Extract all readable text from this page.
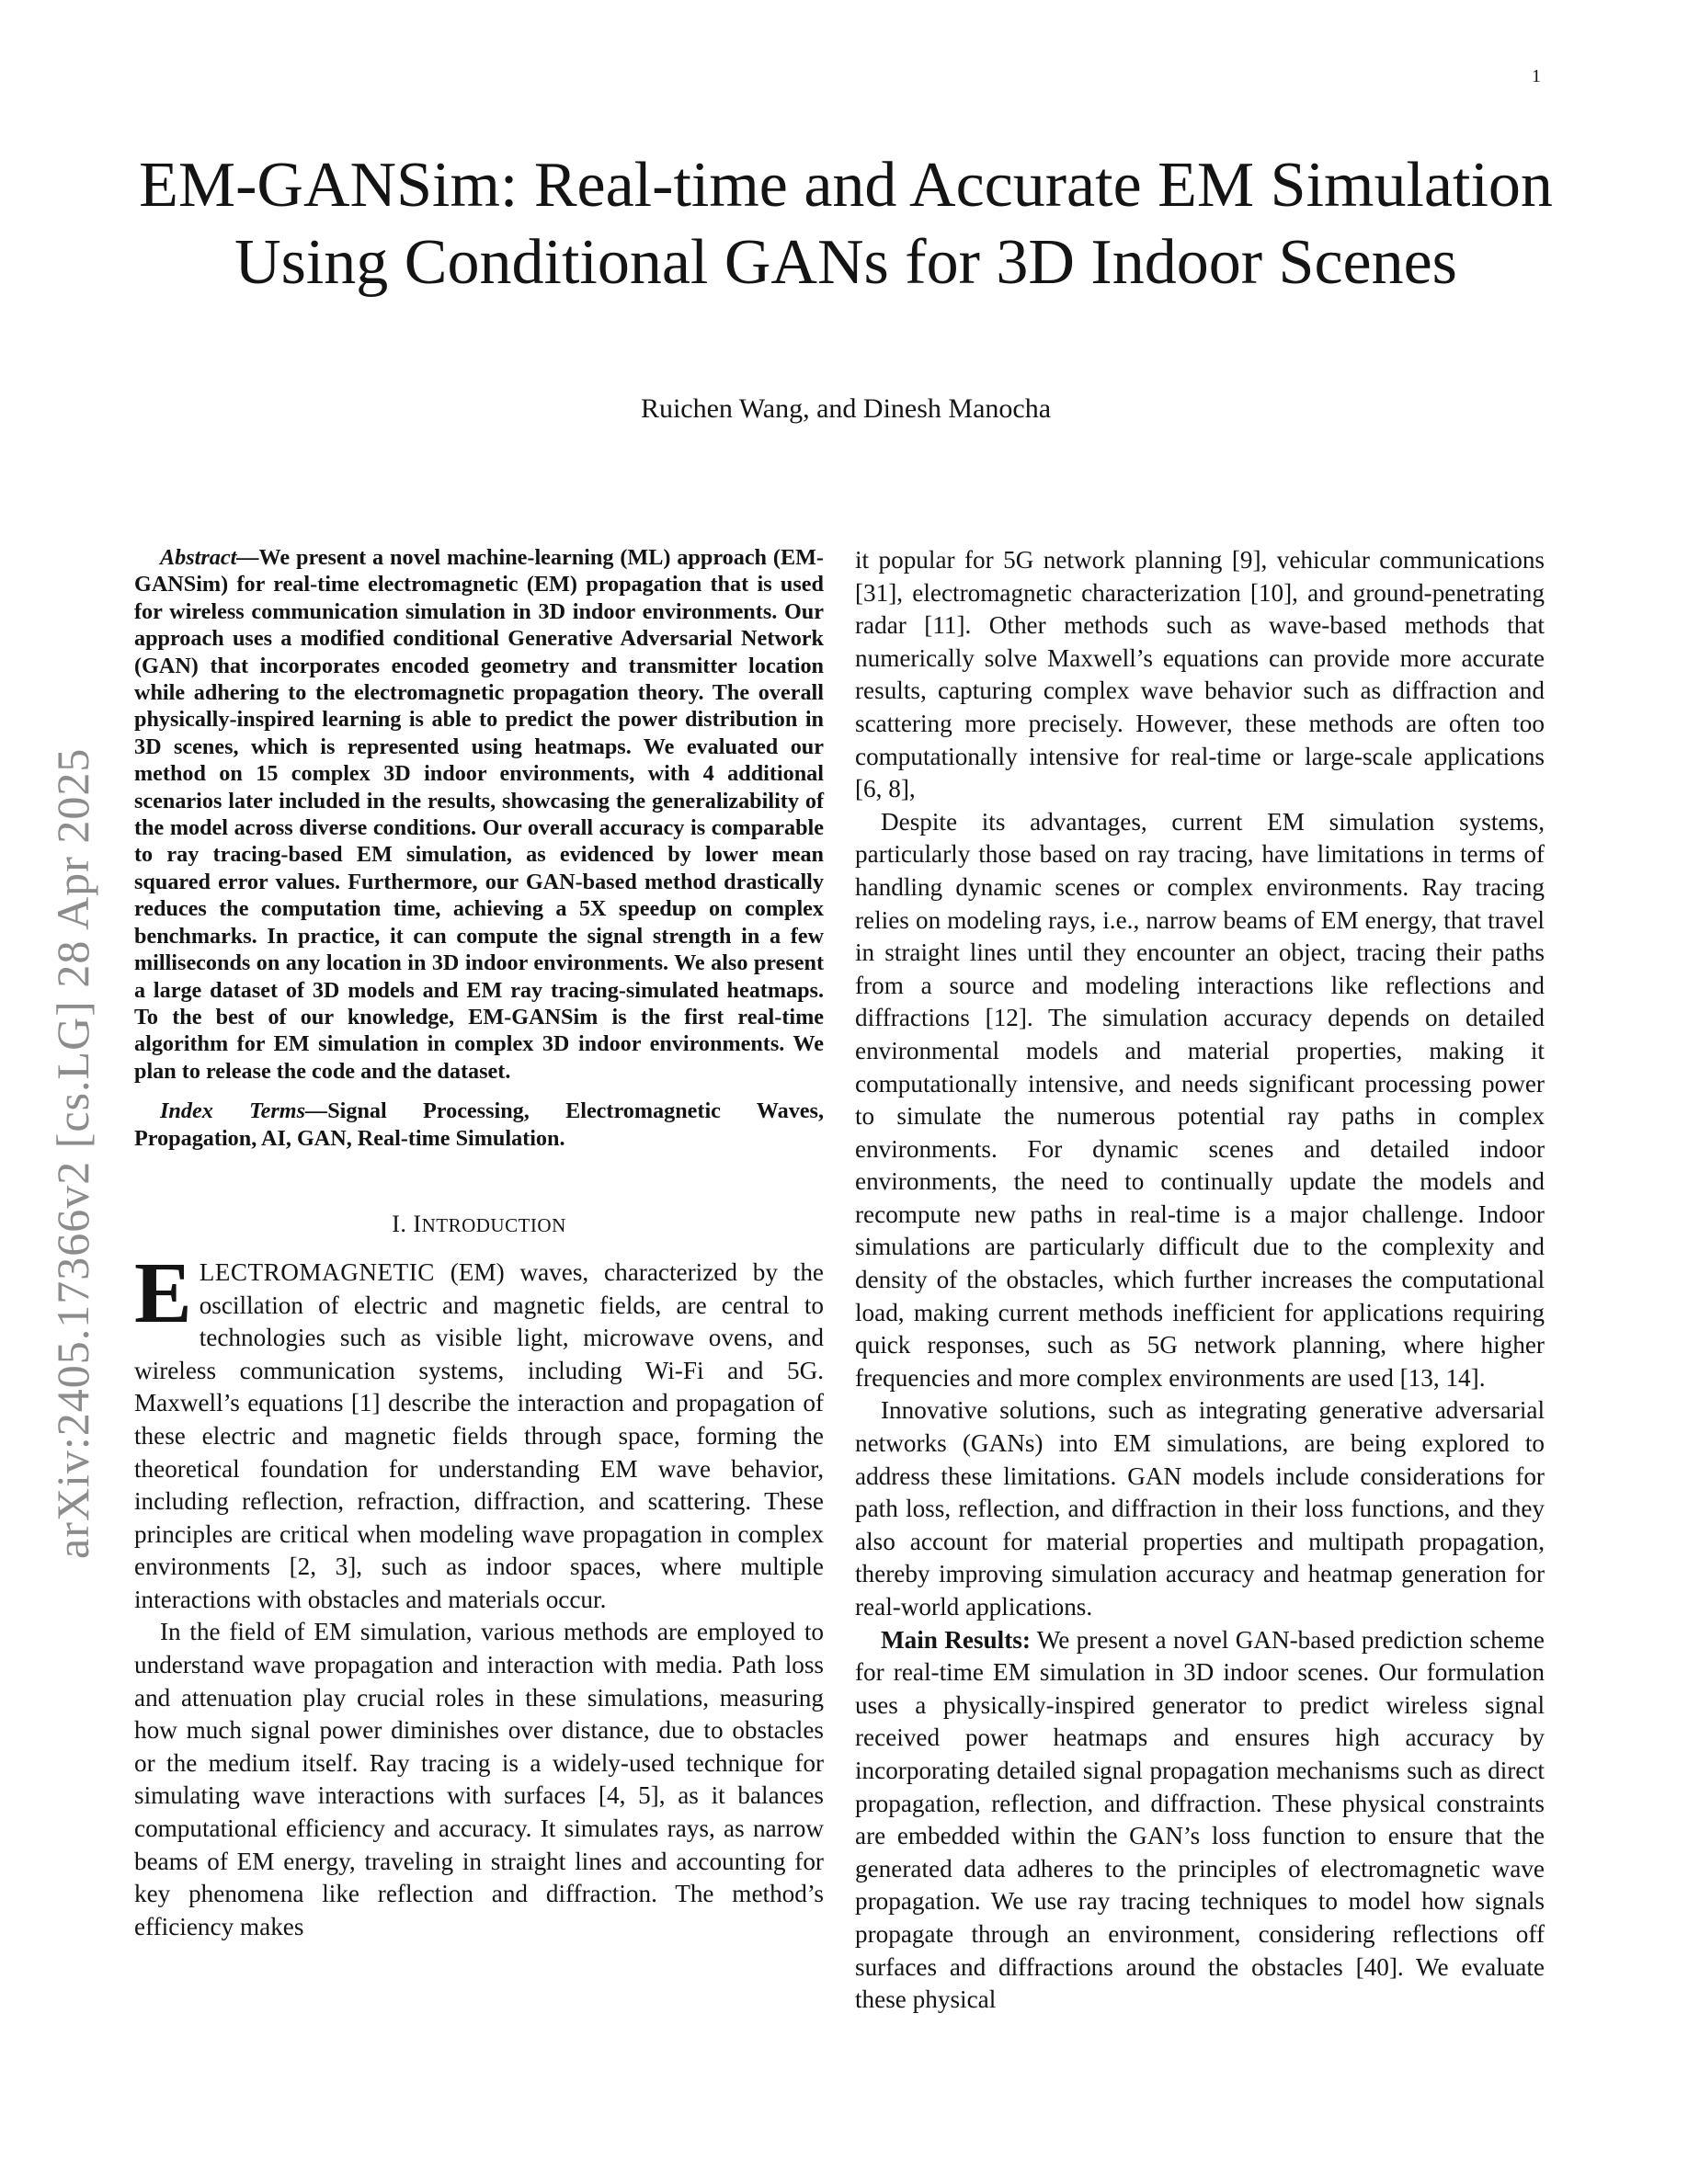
1
arXiv:2405.17366v2 [cs.LG] 28 Apr 2025
EM-GANSim: Real-time and Accurate EM Simulation Using Conditional GANs for 3D Indoor Scenes
Ruichen Wang, and Dinesh Manocha

Abstract—We present a novel machine-learning (ML) approach (EM-GANSim) for real-time electromagnetic (EM) propagation that is used for wireless communication simulation in 3D indoor environments. Our approach uses a modified conditional Generative Adversarial Network (GAN) that incorporates encoded geometry and transmitter location while adhering to the electromagnetic propagation theory. The overall physically-inspired learning is able to predict the power distribution in 3D scenes, which is represented using heatmaps. We evaluated our method on 15 complex 3D indoor environments, with 4 additional scenarios later included in the results, showcasing the generalizability of the model across diverse conditions. Our overall accuracy is comparable to ray tracing-based EM simulation, as evidenced by lower mean squared error values. Furthermore, our GAN-based method drastically reduces the computation time, achieving a 5X speedup on complex benchmarks. In practice, it can compute the signal strength in a few milliseconds on any location in 3D indoor environments. We also present a large dataset of 3D models and EM ray tracing-simulated heatmaps. To the best of our knowledge, EM-GANSim is the first real-time algorithm for EM simulation in complex 3D indoor environments. We plan to release the code and the dataset.

Index Terms—Signal Processing, Electromagnetic Waves, Propagation, AI, GAN, Real-time Simulation.

I. INTRODUCTION

ELECTROMAGNETIC (EM) waves, characterized by the oscillation of electric and magnetic fields, are central to technologies such as visible light, microwave ovens, and wireless communication systems, including Wi-Fi and 5G. Maxwell’s equations [1] describe the interaction and propagation of these electric and magnetic fields through space, forming the theoretical foundation for understanding EM wave behavior, including reflection, refraction, diffraction, and scattering. These principles are critical when modeling wave propagation in complex environments [2, 3], such as indoor spaces, where multiple interactions with obstacles and materials occur.

In the field of EM simulation, various methods are employed to understand wave propagation and interaction with media. Path loss and attenuation play crucial roles in these simulations, measuring how much signal power diminishes over distance, due to obstacles or the medium itself. Ray tracing is a widely-used technique for simulating wave interactions with surfaces [4, 5], as it balances computational efficiency and accuracy. It simulates rays, as narrow beams of EM energy, traveling in straight lines and accounting for key phenomena like reflection and diffraction. The method’s efficiency makes

it popular for 5G network planning [9], vehicular communications [31], electromagnetic characterization [10], and ground-penetrating radar [11]. Other methods such as wave-based methods that numerically solve Maxwell’s equations can provide more accurate results, capturing complex wave behavior such as diffraction and scattering more precisely. However, these methods are often too computationally intensive for real-time or large-scale applications [6, 8],

Despite its advantages, current EM simulation systems, particularly those based on ray tracing, have limitations in terms of handling dynamic scenes or complex environments. Ray tracing relies on modeling rays, i.e., narrow beams of EM energy, that travel in straight lines until they encounter an object, tracing their paths from a source and modeling interactions like reflections and diffractions [12]. The simulation accuracy depends on detailed environmental models and material properties, making it computationally intensive, and needs significant processing power to simulate the numerous potential ray paths in complex environments. For dynamic scenes and detailed indoor environments, the need to continually update the models and recompute new paths in real-time is a major challenge. Indoor simulations are particularly difficult due to the complexity and density of the obstacles, which further increases the computational load, making current methods inefficient for applications requiring quick responses, such as 5G network planning, where higher frequencies and more complex environments are used [13, 14].

Innovative solutions, such as integrating generative adversarial networks (GANs) into EM simulations, are being explored to address these limitations. GAN models include considerations for path loss, reflection, and diffraction in their loss functions, and they also account for material properties and multipath propagation, thereby improving simulation accuracy and heatmap generation for real-world applications.

Main Results: We present a novel GAN-based prediction scheme for real-time EM simulation in 3D indoor scenes. Our formulation uses a physically-inspired generator to predict wireless signal received power heatmaps and ensures high accuracy by incorporating detailed signal propagation mechanisms such as direct propagation, reflection, and diffraction. These physical constraints are embedded within the GAN’s loss function to ensure that the generated data adheres to the principles of electromagnetic wave propagation. We use ray tracing techniques to model how signals propagate through an environment, considering reflections off surfaces and diffractions around the obstacles [40]. We evaluate these physical
